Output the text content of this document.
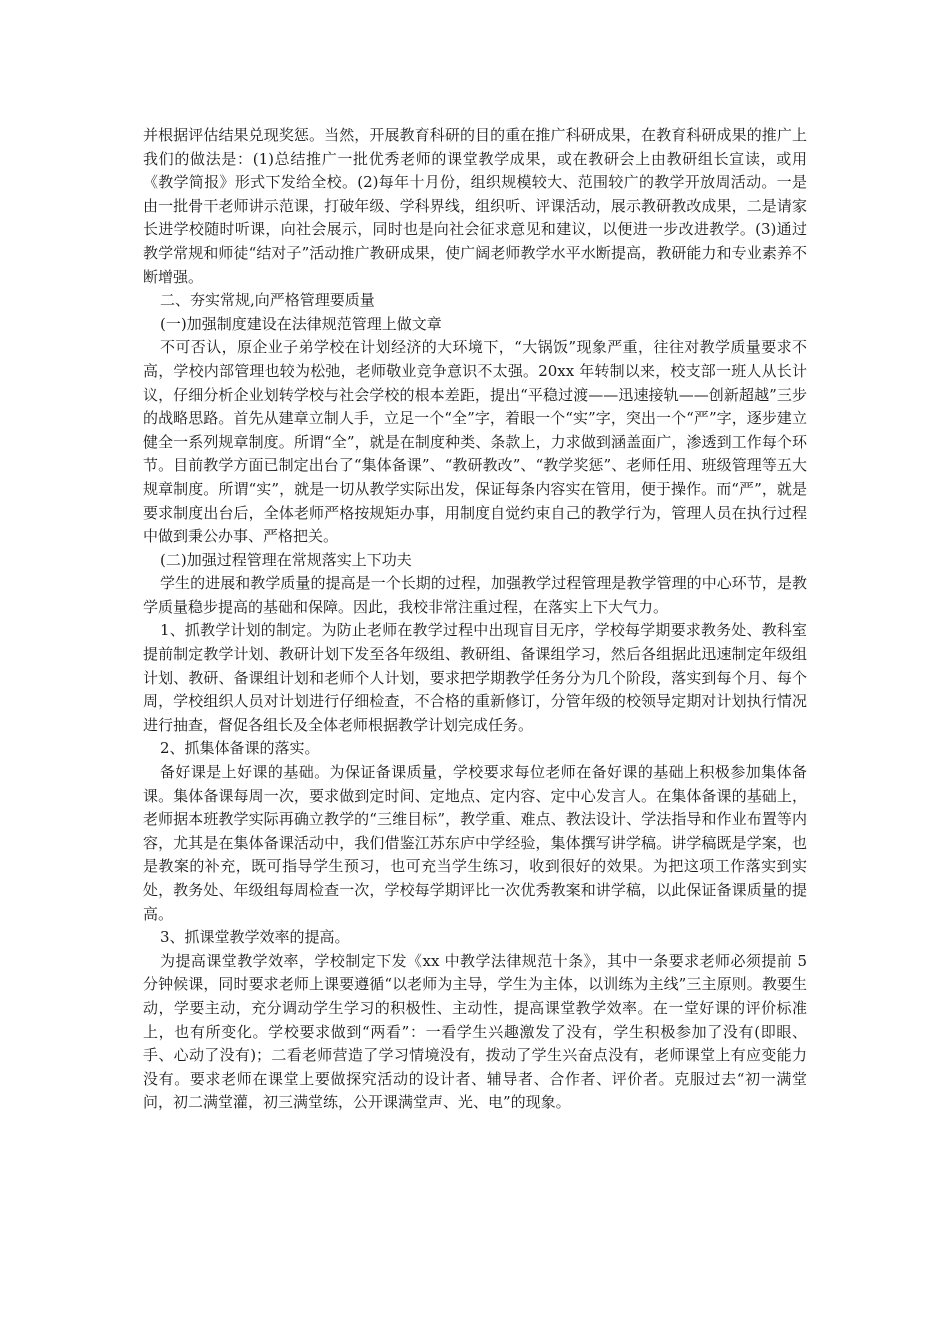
并根据评估结果兑现奖惩。当然，开展教育科研的目的重在推广科研成果，在教育科研成果的推广上我们的做法是：(1)总结推广一批优秀老师的课堂教学成果，或在教研会上由教研组长宣读，或用《教学简报》形式下发给全校。(2)每年十月份，组织规模较大、范围较广的教学开放周活动。一是由一批骨干老师讲示范课，打破年级、学科界线，组织听、评课活动，展示教研教改成果，二是请家长进学校随时听课，向社会展示，同时也是向社会征求意见和建议，以便进一步改进教学。(3)通过教学常规和师徒“结对子”活动推广教研成果，使广阔老师教学水平水断提高，教研能力和专业素养不断增强。

二、夯实常规,向严格管理要质量

(一)加强制度建设在法律规范管理上做文章

不可否认，原企业子弟学校在计划经济的大环境下，“大锅饭”现象严重，往往对教学质量要求不高，学校内部管理也较为松弛，老师敬业竞争意识不太强。20xx 年转制以来，校支部一班人从长计议，仔细分析企业划转学校与社会学校的根本差距，提出“平稳过渡——迅速接轨——创新超越”三步的战略思路。首先从建章立制人手，立足一个“全”字，着眼一个“实”字，突出一个“严”字，逐步建立健全一系列规章制度。所谓“全”，就是在制度种类、条款上，力求做到涵盖面广，渗透到工作每个环节。目前教学方面已制定出台了“集体备课”、“教研教改”、“教学奖惩”、老师任用、班级管理等五大规章制度。所谓“实”，就是一切从教学实际出发，保证每条内容实在管用，便于操作。而“严”，就是要求制度出台后，全体老师严格按规矩办事，用制度自觉约束自己的教学行为，管理人员在执行过程中做到秉公办事、严格把关。

(二)加强过程管理在常规落实上下功夫

学生的进展和教学质量的提高是一个长期的过程，加强教学过程管理是教学管理的中心环节，是教学质量稳步提高的基础和保障。因此，我校非常注重过程，在落实上下大气力。

1、抓教学计划的制定。为防止老师在教学过程中出现盲目无序，学校每学期要求教务处、教科室提前制定教学计划、教研计划下发至各年级组、教研组、备课组学习，然后各组据此迅速制定年级组计划、教研、备课组计划和老师个人计划，要求把学期教学任务分为几个阶段，落实到每个月、每个周，学校组织人员对计划进行仔细检查，不合格的重新修订，分管年级的校领导定期对计划执行情况进行抽查，督促各组长及全体老师根据教学计划完成任务。

2、抓集体备课的落实。

备好课是上好课的基础。为保证备课质量，学校要求每位老师在备好课的基础上积极参加集体备课。集体备课每周一次，要求做到定时间、定地点、定内容、定中心发言人。在集体备课的基础上，老师据本班教学实际再确立教学的“三维目标”，教学重、难点、教法设计、学法指导和作业布置等内容，尤其是在集体备课活动中，我们借鉴江苏东庐中学经验，集体撰写讲学稿。讲学稿既是学案，也是教案的补充，既可指导学生预习，也可充当学生练习，收到很好的效果。为把这项工作落实到实处，教务处、年级组每周检查一次，学校每学期评比一次优秀教案和讲学稿，以此保证备课质量的提高。

3、抓课堂教学效率的提高。

为提高课堂教学效率，学校制定下发《xx 中教学法律规范十条》，其中一条要求老师必须提前 5 分钟候课，同时要求老师上课要遵循“以老师为主导，学生为主体，以训练为主线”三主原则。教要生动，学要主动，充分调动学生学习的积极性、主动性，提高课堂教学效率。在一堂好课的评价标准上，也有所变化。学校要求做到“两看”：一看学生兴趣激发了没有，学生积极参加了没有(即眼、手、心动了没有)；二看老师营造了学习情境没有，拨动了学生兴奋点没有，老师课堂上有应变能力没有。要求老师在课堂上要做探究活动的设计者、辅导者、合作者、评价者。克服过去“初一满堂问，初二满堂灌，初三满堂练，公开课满堂声、光、电”的现象。
